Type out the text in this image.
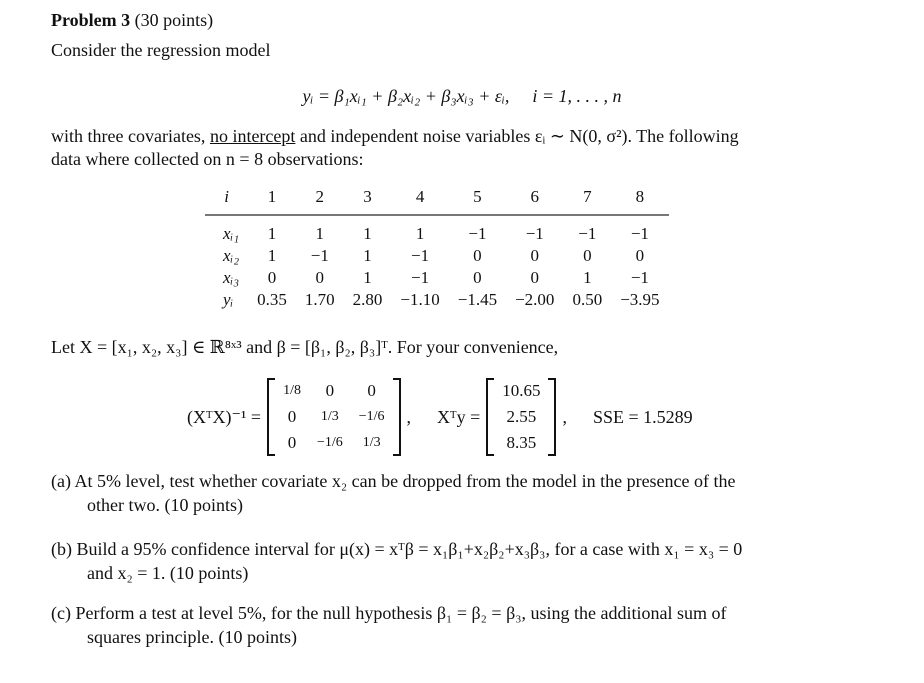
Problem 3 (30 points)
Consider the regression model
yᵢ = β₁xᵢ₁ + β₂xᵢ₂ + β₃xᵢ₃ + εᵢ, i = 1, . . . , n
with three covariates, no intercept and independent noise variables εᵢ ∼ N(0, σ²). The following
data where collected on n = 8 observations:
i	1	2	3	4	5	6	7	8
xᵢ₁	1	1	1	1	−1	−1	−1	−1
xᵢ₂	1	−1	1	−1	0	0	0	0
xᵢ₃	0	0	1	−1	0	0	1	−1
yᵢ	0.35	1.70	2.80	−1.10	−1.45	−2.00	0.50	−3.95
Let X = [x₁, x₂, x₃] ∈ ℝ⁸ˣ³ and β = [β₁, β₂, β₃]ᵀ. For your convenience,
(XᵀX)⁻¹ =
1/8	0	0
0	1/3	−1/6
0	−1/6	1/3
, Xᵀy =
10.65
2.55
8.35
, SSE = 1.5289
(a) At 5% level, test whether covariate x₂ can be dropped from the model in the presence of the
other two. (10 points)
(b) Build a 95% confidence interval for μ(x) = xᵀβ = x₁β₁+x₂β₂+x₃β₃, for a case with x₁ = x₃ = 0
and x₂ = 1. (10 points)
(c) Perform a test at level 5%, for the null hypothesis β₁ = β₂ = β₃, using the additional sum of
squares principle. (10 points)
